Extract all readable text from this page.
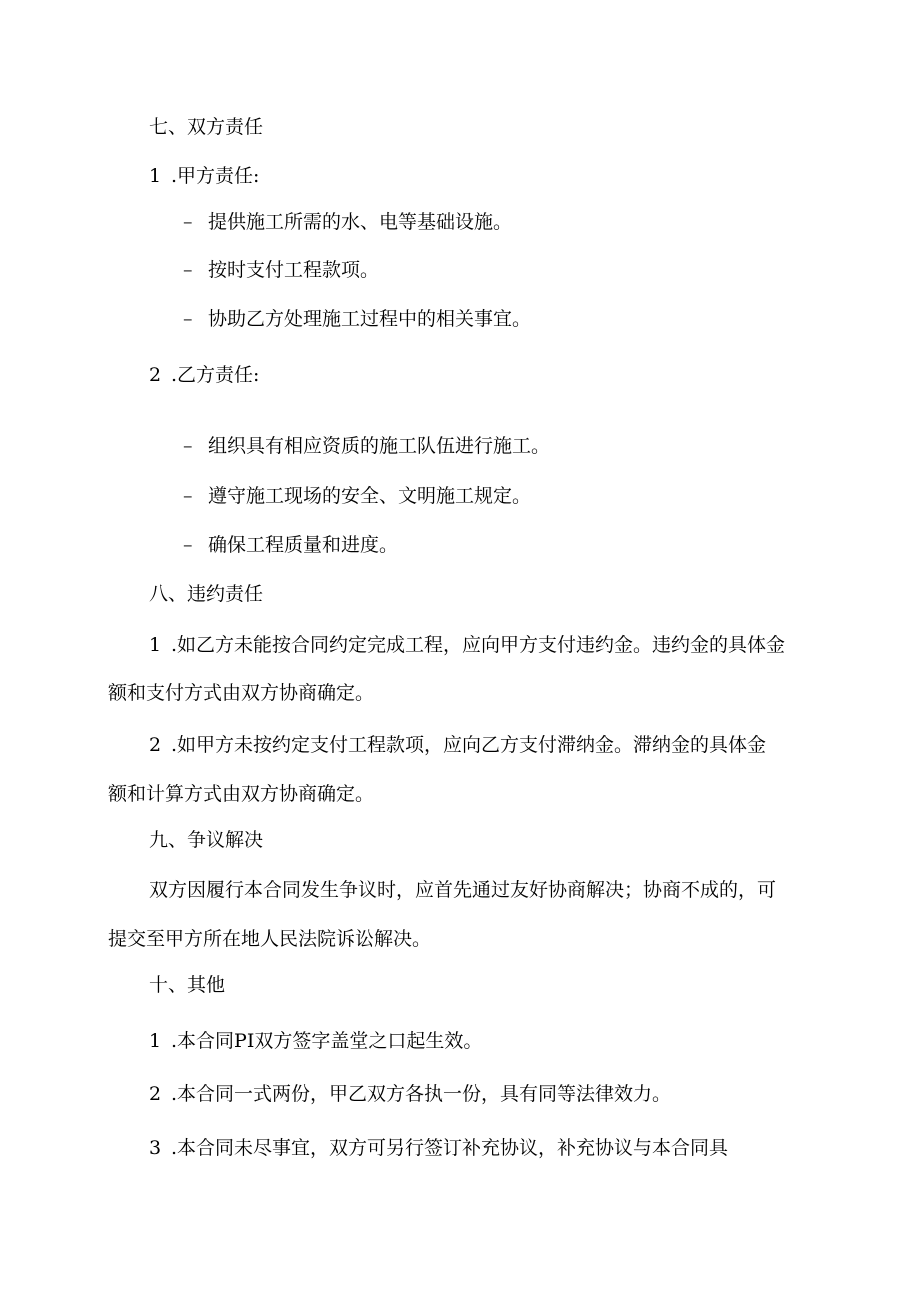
七、双方责任

1 .甲方责任:

– 提供施工所需的水、电等基础设施。

– 按时支付工程款项。

– 协助乙方处理施工过程中的相关事宜。

2 .乙方责任:

– 组织具有相应资质的施工队伍进行施工。

– 遵守施工现场的安全、文明施工规定。

– 确保工程质量和进度。

八、违约责任

1 .如乙方未能按合同约定完成工程，应向甲方支付违约金。违约金的具体金

额和支付方式由双方协商确定。

2 .如甲方未按约定支付工程款项，应向乙方支付滞纳金。滞纳金的具体金

额和计算方式由双方协商确定。

九、争议解决

双方因履行本合同发生争议时，应首先通过友好协商解决；协商不成的，可

提交至甲方所在地人民法院诉讼解决。

十、其他

1 .本合同PI双方签字盖堂之口起生效。

2 .本合同一式两份，甲乙双方各执一份，具有同等法律效力。

3 .本合同未尽事宜，双方可另行签订补充协议，补充协议与本合同具
